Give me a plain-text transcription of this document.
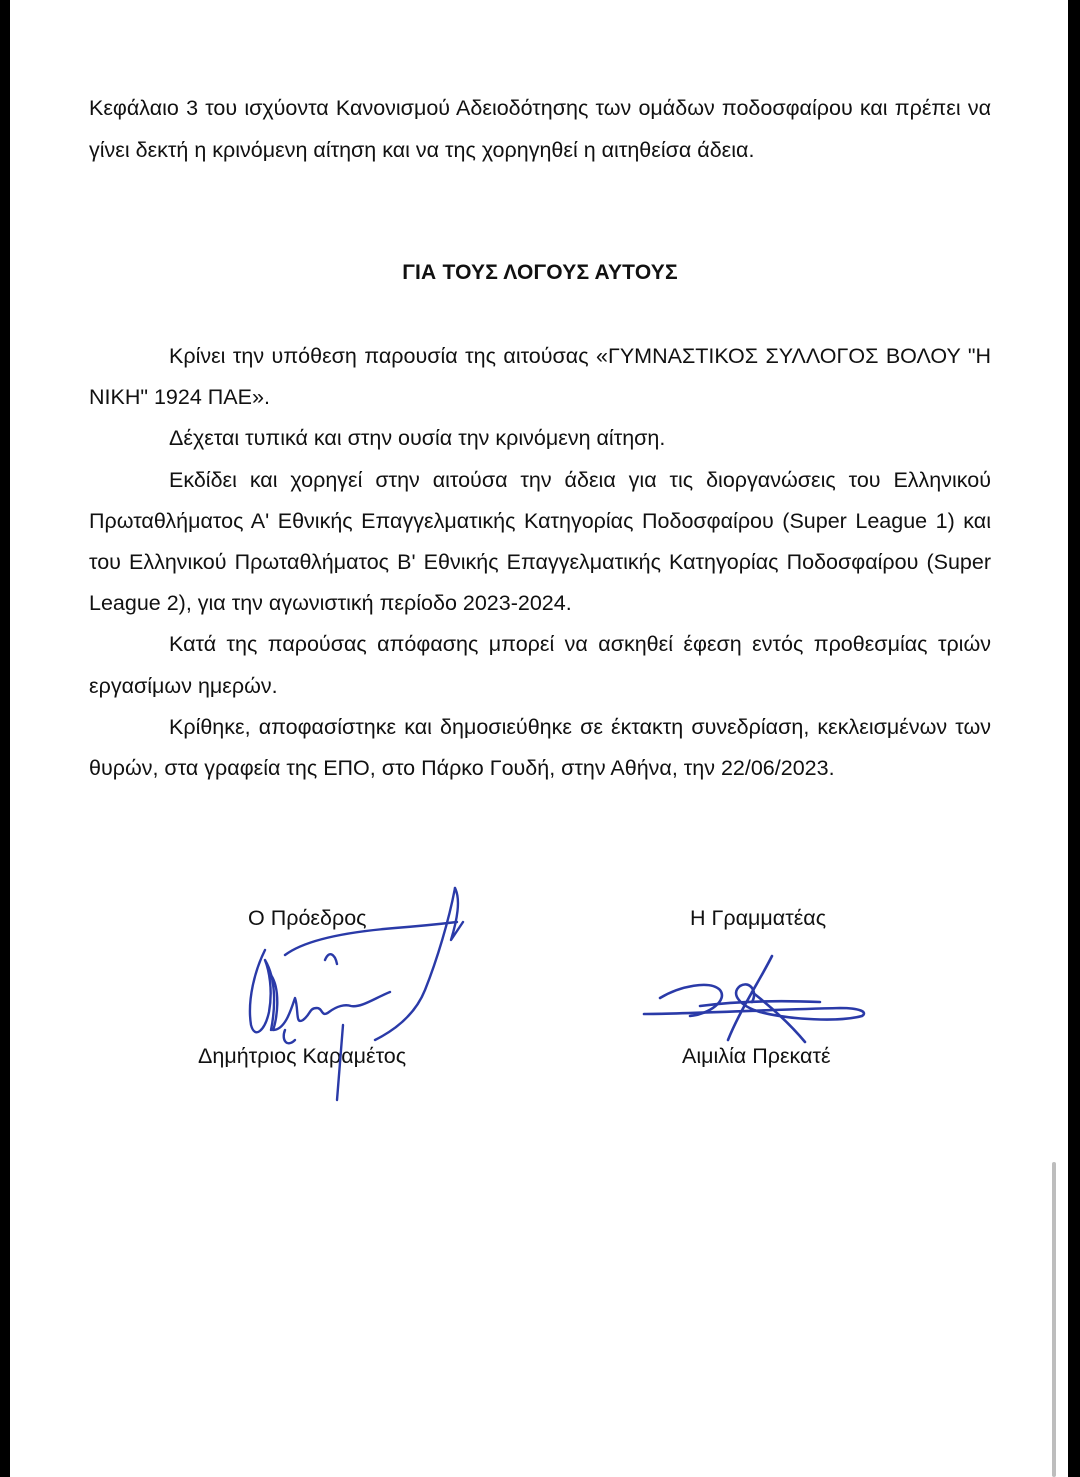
Κεφάλαιο 3 του ισχύοντα Κανονισμού Αδειοδότησης των ομάδων ποδοσφαίρου και πρέπει να γίνει δεκτή η κρινόμενη αίτηση και να της χορηγηθεί η αιτηθείσα άδεια.

ΓΙΑ ΤΟΥΣ ΛΟΓΟΥΣ ΑΥΤΟΥΣ

Κρίνει την υπόθεση παρουσία της αιτούσας «ΓΥΜΝΑΣΤΙΚΟΣ ΣΥΛΛΟΓΟΣ ΒΟΛΟΥ "Η ΝΙΚΗ" 1924 ΠΑΕ».

Δέχεται τυπικά και στην ουσία την κρινόμενη αίτηση.

Εκδίδει και χορηγεί στην αιτούσα την άδεια για τις διοργανώσεις του Ελληνικού Πρωταθλήματος Α' Εθνικής Επαγγελματικής Κατηγορίας Ποδοσφαίρου (Super League 1) και του Ελληνικού Πρωταθλήματος Β' Εθνικής Επαγγελματικής Κατηγορίας Ποδοσφαίρου (Super League 2), για την αγωνιστική περίοδο 2023-2024.

Κατά της παρούσας απόφασης μπορεί να ασκηθεί έφεση εντός προθεσμίας τριών εργασίμων ημερών.

Κρίθηκε, αποφασίστηκε και δημοσιεύθηκε σε έκτακτη συνεδρίαση, κεκλεισμένων των θυρών, στα γραφεία της ΕΠΟ, στο Πάρκο Γουδή, στην Αθήνα, την 22/06/2023.

Ο Πρόεδρος
Δημήτριος Καραμέτος
Η Γραμματέας
Αιμιλία Πρεκατέ
